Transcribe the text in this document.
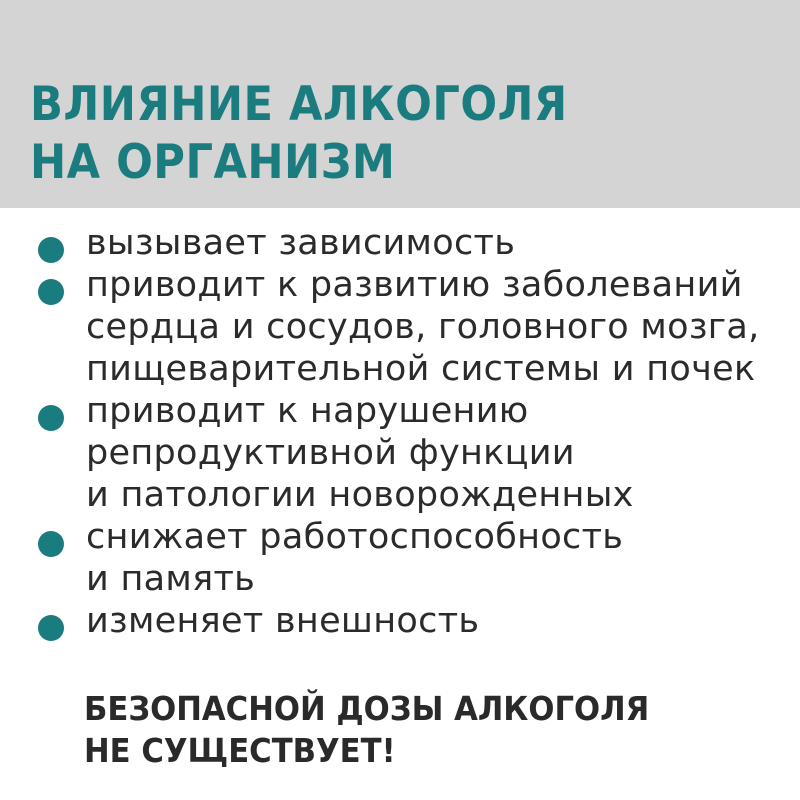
ВЛИЯНИЕ АЛКОГОЛЯ
НА ОРГАНИЗМ
вызывает зависимость
приводит к развитию заболеваний
сердца и сосудов, головного мозга,
пищеварительной системы и почек
приводит к нарушению
репродуктивной функции
и патологии новорожденных
снижает работоспособность
и память
изменяет внешность

БЕЗОПАСНОЙ ДОЗЫ АЛКОГОЛЯ
НЕ СУЩЕСТВУЕТ!
